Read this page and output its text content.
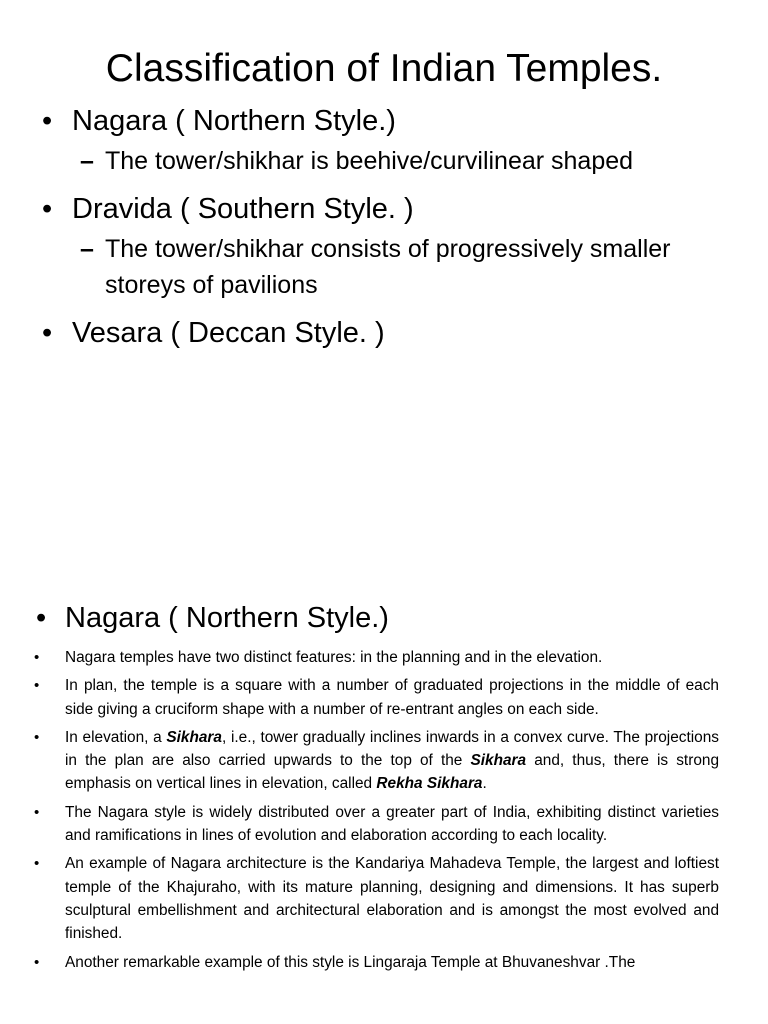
Classification of Indian Temples.
• Nagara ( Northern Style.)
– The tower/shikhar is beehive/curvilinear shaped
• Dravida ( Southern Style. )
– The tower/shikhar consists of progressively smaller storeys of pavilions
• Vesara ( Deccan Style. )
• Nagara ( Northern Style.)
• Nagara temples have two distinct features: in the planning and in the elevation.
• In plan, the temple is a square with a number of graduated projections in the middle of each side giving a cruciform shape with a number of re-entrant angles on each side.
• In elevation, a Sikhara, i.e., tower gradually inclines inwards in a convex curve. The projections in the plan are also carried upwards to the top of the Sikhara and, thus, there is strong emphasis on vertical lines in elevation, called Rekha Sikhara.
• The Nagara style is widely distributed over a greater part of India, exhibiting distinct varieties and ramifications in lines of evolution and elaboration according to each locality.
• An example of Nagara architecture is the Kandariya Mahadeva Temple, the largest and loftiest temple of the Khajuraho, with its mature planning, designing and dimensions. It has superb sculptural embellishment and architectural elaboration and is amongst the most evolved and finished.
• Another remarkable example of this style is Lingaraja Temple at Bhuvaneshvar .The
